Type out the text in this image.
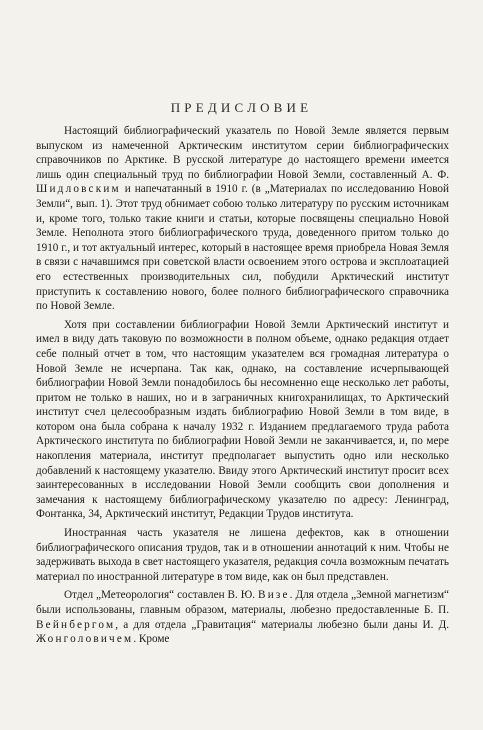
ПРЕДИСЛОВИЕ

Настоящий библиографический указатель по Новой Земле является первым выпуском из намеченной Арктическим институтом серии библиографических справочников по Арктике. В русской литературе до настоящего времени имеется лишь один специальный труд по библиографии Новой Земли, составленный А. Ф. Шидловским и напечатанный в 1910 г. (в „Материалах по исследованию Новой Земли“, вып. 1). Этот труд обнимает собою только литературу по русским источникам и, кроме того, только такие книги и статьи, которые посвящены специально Новой Земле. Неполнота этого библиографического труда, доведенного притом только до 1910 г., и тот актуальный интерес, который в настоящее время приобрела Новая Земля в связи с начавшимся при советской власти освоением этого острова и эксплоатацией его естественных производительных сил, побудили Арктический институт приступить к составлению нового, более полного библиографического справочника по Новой Земле.

Хотя при составлении библиографии Новой Земли Арктический институт и имел в виду дать таковую по возможности в полном объеме, однако редакция отдает себе полный отчет в том, что настоящим указателем вся громадная литература о Новой Земле не исчерпана. Так как, однако, на составление исчерпывающей библиографии Новой Земли понадобилось бы несомненно еще несколько лет работы, притом не только в наших, но и в заграничных книгохранилищах, то Арктический институт счел целесообразным издать библиографию Новой Земли в том виде, в котором она была собрана к началу 1932 г. Изданием предлагаемого труда работа Арктического института по библиографии Новой Земли не заканчивается, и, по мере накопления материала, институт предполагает выпустить одно или несколько добавлений к настоящему указателю. Ввиду этого Арктический институт просит всех заинтересованных в исследовании Новой Земли сообщить свои дополнения и замечания к настоящему библиографическому указателю по адресу: Ленинград, Фонтанка, 34, Арктический институт, Редакции Трудов института.

Иностранная часть указателя не лишена дефектов, как в отношении библиографического описания трудов, так и в отношении аннотаций к ним. Чтобы не задерживать выхода в свет настоящего указателя, редакция сочла возможным печатать материал по иностранной литературе в том виде, как он был представлен.

Отдел „Метеорология“ составлен В. Ю. Визе. Для отдела „Земной магнетизм“ были использованы, главным образом, материалы, любезно предоставленные Б. П. Вейнбергом, а для отдела „Гравитация“ материалы любезно были даны И. Д. Жонголовичем. Кроме
